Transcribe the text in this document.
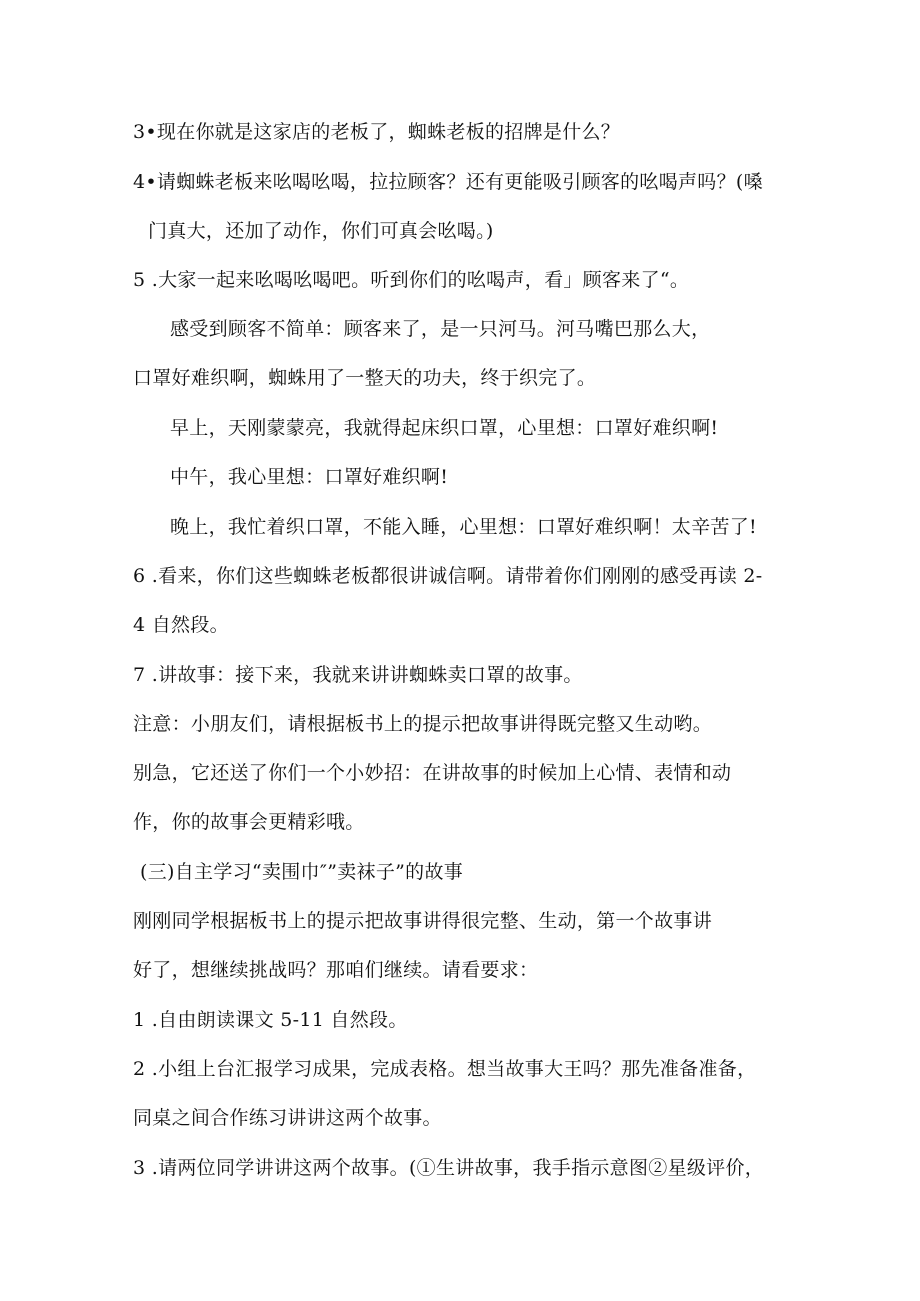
3•现在你就是这家店的老板了，蜘蛛老板的招牌是什么？
4•请蜘蛛老板来吆喝吆喝，拉拉顾客？还有更能吸引顾客的吆喝声吗？(嗓
门真大，还加了动作，你们可真会吆喝。)
5 .大家一起来吆喝吆喝吧。听到你们的吆喝声，看」顾客来了“。
感受到顾客不简单：顾客来了，是一只河马。河马嘴巴那么大，
口罩好难织啊，蜘蛛用了一整天的功夫，终于织完了。
早上，天刚蒙蒙亮，我就得起床织口罩，心里想：口罩好难织啊!
中午，我心里想：口罩好难织啊!
晚上，我忙着织口罩，不能入睡，心里想：口罩好难织啊！太辛苦了!
6 .看来，你们这些蜘蛛老板都很讲诚信啊。请带着你们刚刚的感受再读 2-
4 自然段。
7 .讲故事：接下来，我就来讲讲蜘蛛卖口罩的故事。
注意：小朋友们，请根据板书上的提示把故事讲得既完整又生动哟。
别急，它还送了你们一个小妙招：在讲故事的时候加上心情、表情和动
作，你的故事会更精彩哦。
(三)自主学习“卖围巾″”卖袜子”的故事
刚刚同学根据板书上的提示把故事讲得很完整、生动，第一个故事讲
好了，想继续挑战吗？那咱们继续。请看要求：
1 .自由朗读课文 5-11 自然段。
2 .小组上台汇报学习成果，完成表格。想当故事大王吗？那先准备准备，
同桌之间合作练习讲讲这两个故事。
3 .请两位同学讲讲这两个故事。(①生讲故事，我手指示意图②星级评价，
